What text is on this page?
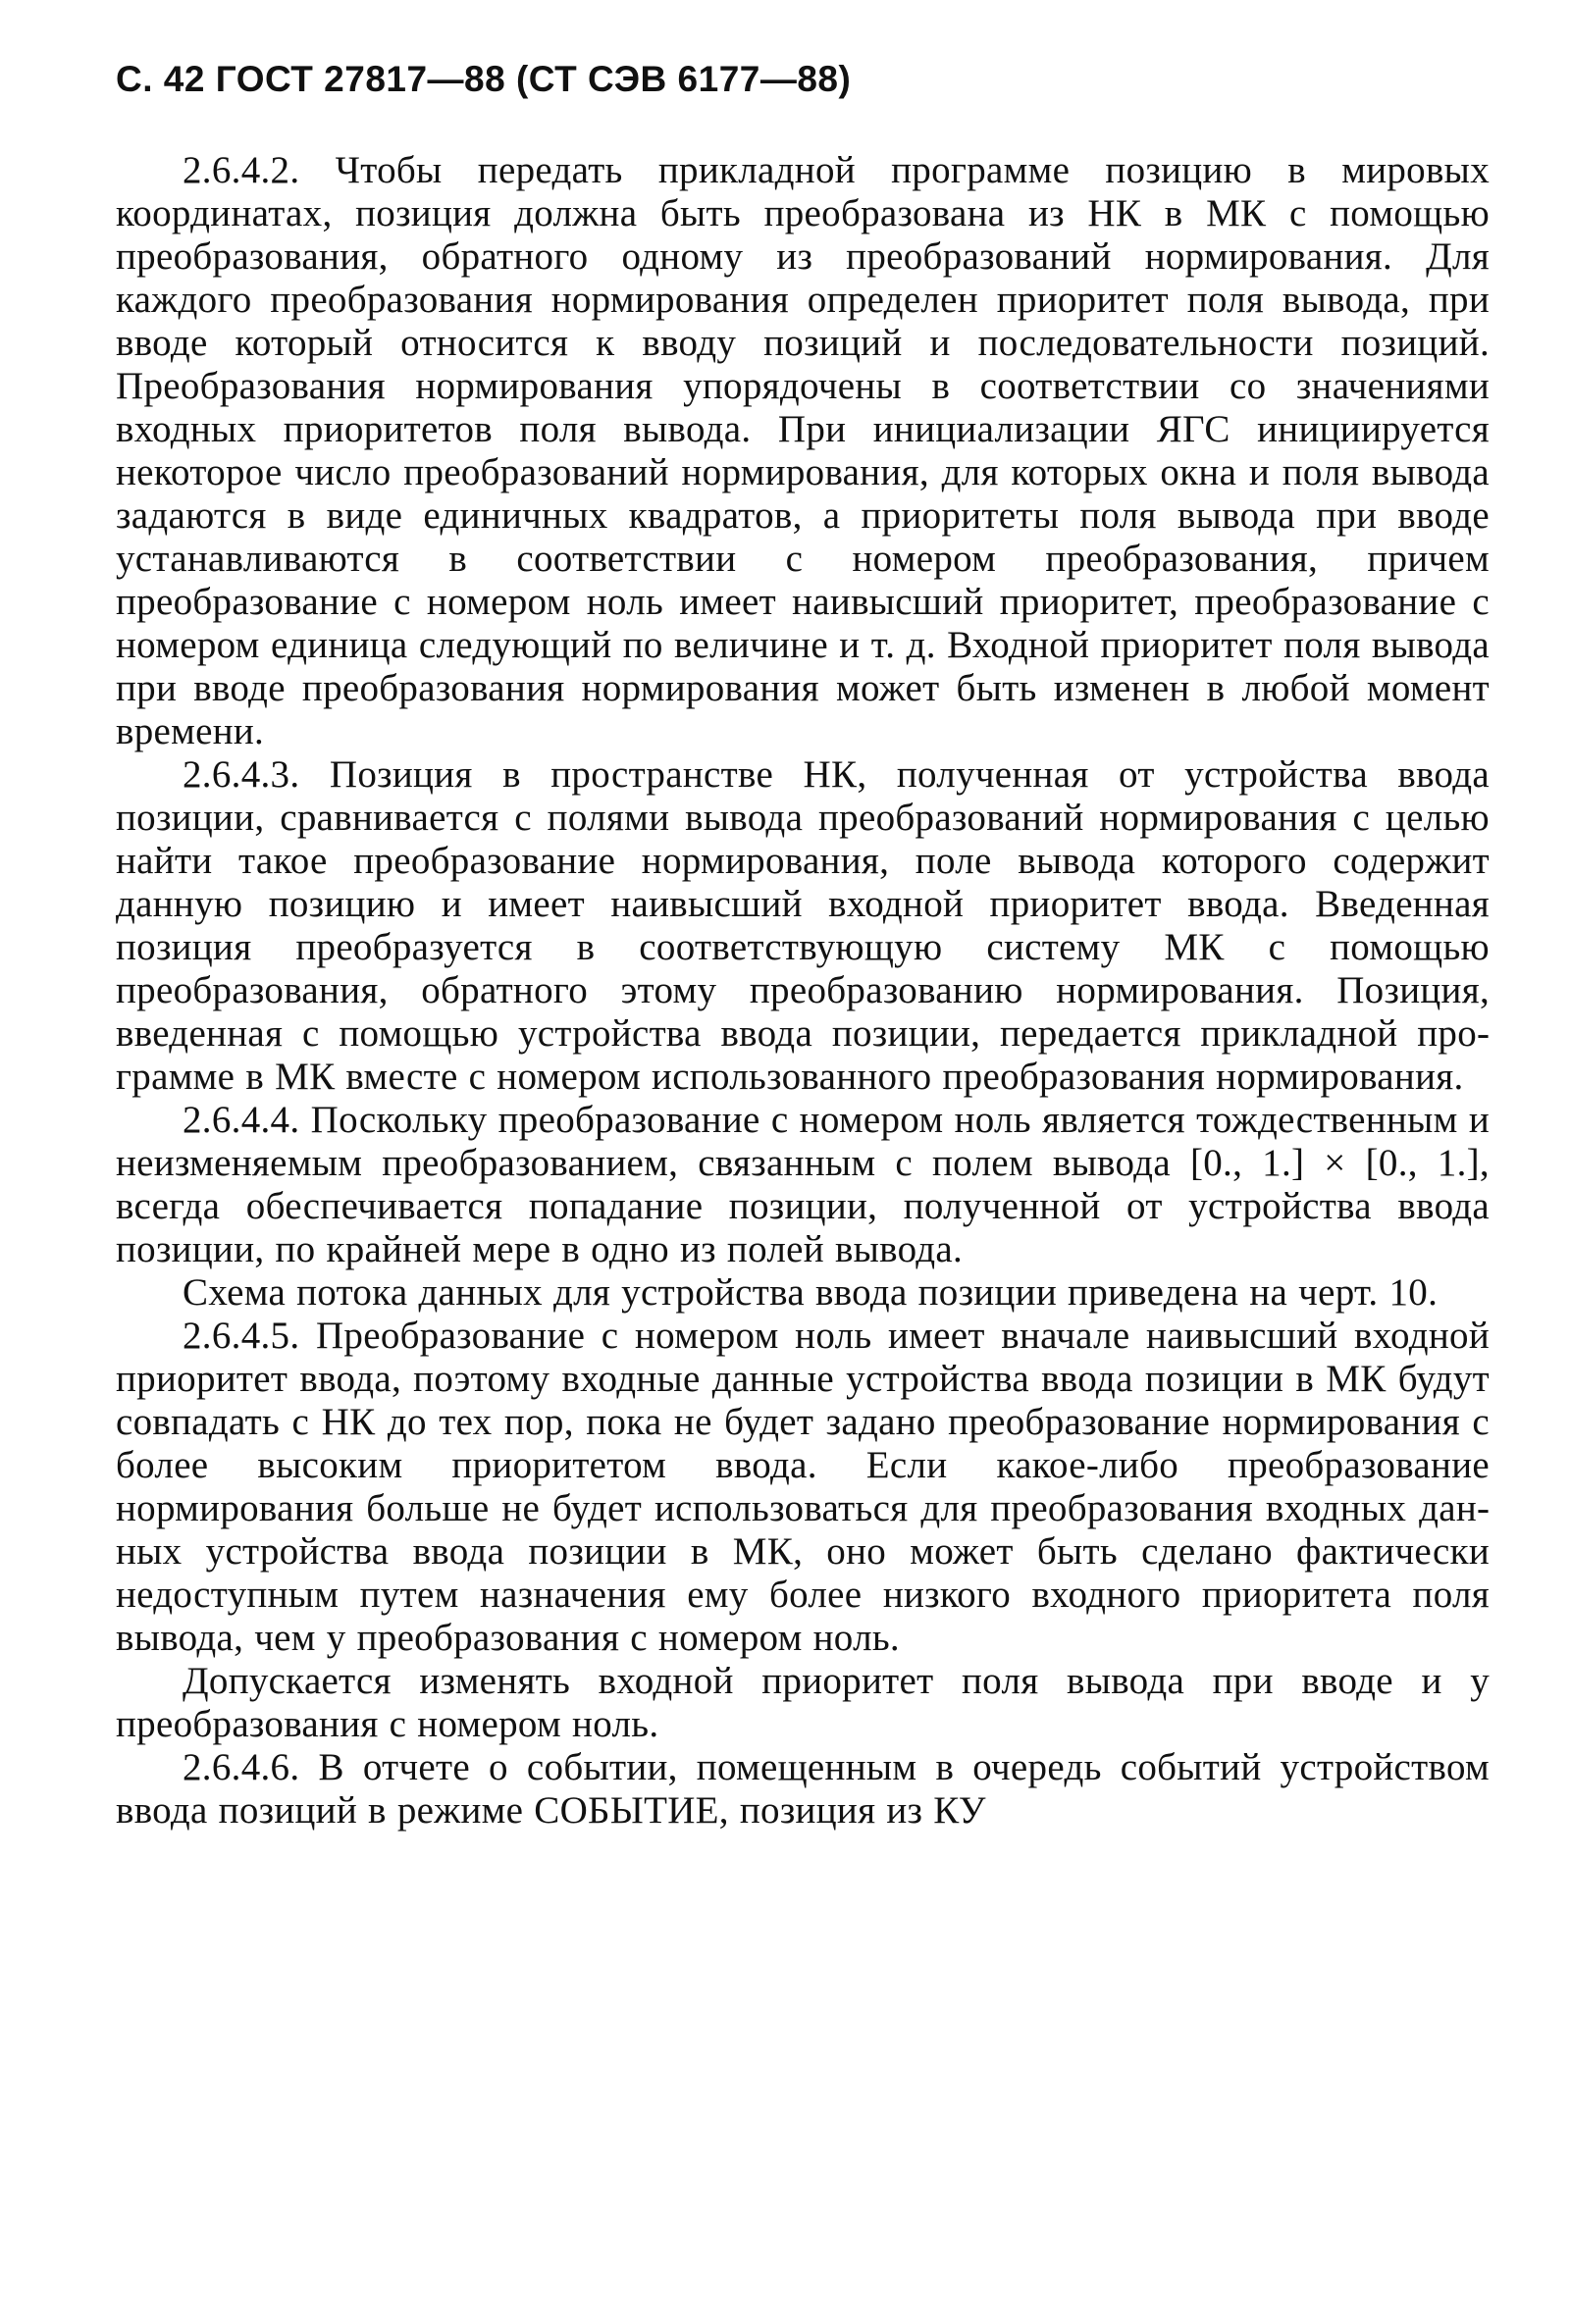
С. 42 ГОСТ 27817—88 (СТ СЭВ 6177—88)

2.6.4.2. Чтобы передать прикладной программе позицию в мировых координатах, позиция должна быть преобразована из НК в МК с помощью преобразования, обратного одному из преобразований нормирования. Для каждого преобразования нормирования определен приоритет поля вывода, при вводе который относится к вводу позиций и последовательности позиций. Преобразования нормирования упорядочены в соответствии со значениями входных приоритетов поля вывода. При инициализации ЯГС инициируется некоторое число преобразований нормирования, для которых окна и поля вывода задаются в виде единичных квадратов, а приоритеты поля вывода при вводе устанавливаются в соответствии с номером преобразования, причем преобразование с номером ноль имеет наивысший приоритет, преобразование с номером единица следующий по величине и т. д. Входной приоритет поля вывода при вводе преобразования нормирования может быть изменен в любой момент времени.

2.6.4.3. Позиция в пространстве НК, полученная от устройства ввода позиции, сравнивается с полями вывода преобразований нормирования с целью найти такое преобразование нормирования, поле вывода которого содержит данную позицию и имеет наивысший входной приоритет ввода. Введенная позиция преобразуется в соответствующую систему МК с помощью преобразования, обратного этому преобразованию нормирования. Позиция, введенная с помощью устройства ввода позиции, передается прикладной программе в МК вместе с номером использованного преобразования нормирования.

2.6.4.4. Поскольку преобразование с номером ноль является тождественным и неизменяемым преобразованием, связанным с полем вывода [0., 1.] × [0., 1.], всегда обеспечивается попадание позиции, полученной от устройства ввода позиции, по крайней мере в одно из полей вывода.

Схема потока данных для устройства ввода позиции приведена на черт. 10.

2.6.4.5. Преобразование с номером ноль имеет вначале наивысший входной приоритет ввода, поэтому входные данные устройства ввода позиции в МК будут совпадать с НК до тех пор, пока не будет задано преобразование нормирования с более высоким приоритетом ввода. Если какое-либо преобразование нормирования больше не будет использоваться для преобразования входных данных устройства ввода позиции в МК, оно может быть сделано фактически недоступным путем назначения ему более низкого входного приоритета поля вывода, чем у преобразования с номером ноль.

Допускается изменять входной приоритет поля вывода при вводе и у преобразования с номером ноль.

2.6.4.6. В отчете о событии, помещенным в очередь событий устройством ввода позиций в режиме СОБЫТИЕ, позиция из КУ
